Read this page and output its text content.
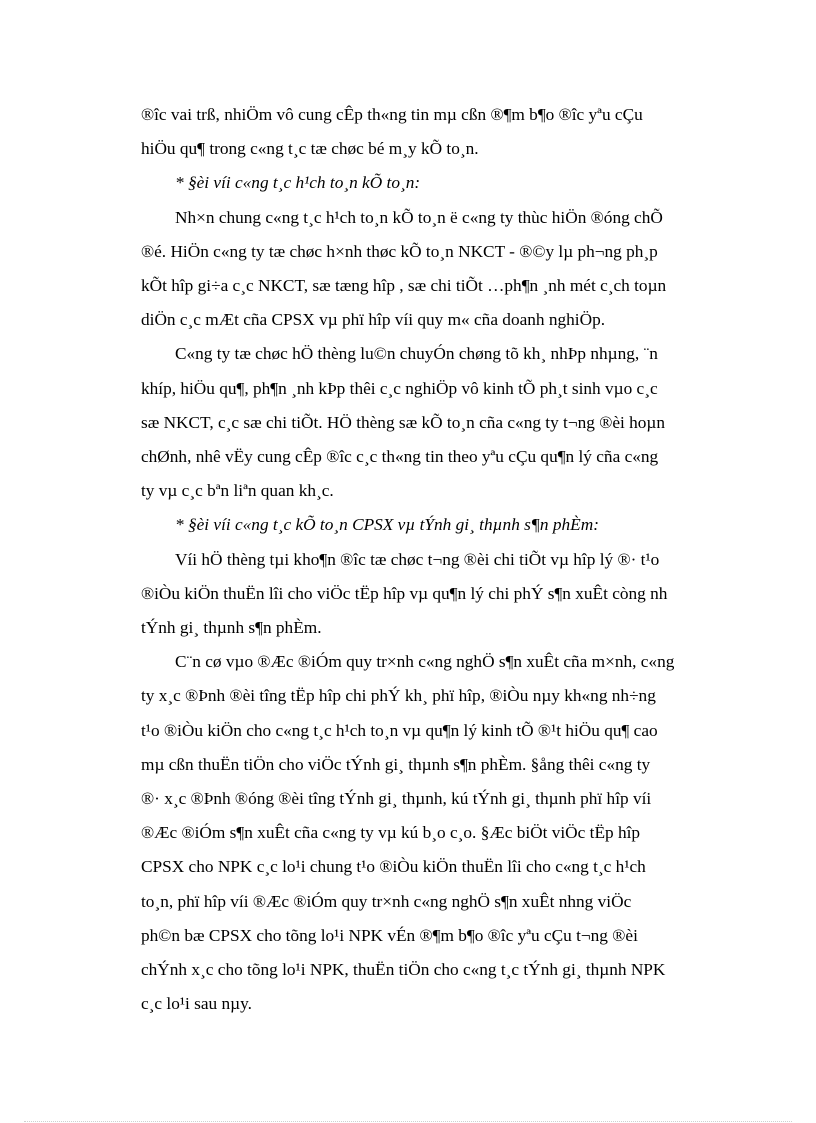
®îc vai trß, nhiÖm vô cung cÊp th«ng tin mµ cßn ®¶m b¶o ®îc yªu cÇu

hiÖu qu¶ trong c«ng t¸c tæ chøc bé m¸y kÕ to¸n.

* §èi víi c«ng t¸c h¹ch to¸n kÕ to¸n:

Nh×n chung c«ng t¸c h¹ch to¸n kÕ to¸n ë c«ng ty thùc hiÖn ®óng chÕ

®é. HiÖn c«ng ty tæ chøc h×nh thøc kÕ to¸n NKCT - ®©y lµ ph¬ng ph¸p

kÕt hîp gi÷a c¸c NKCT, sæ tæng hîp , sæ chi tiÕt …ph¶n ¸nh mét c¸ch toµn

diÖn c¸c mÆt cña CPSX vµ phï hîp víi quy m« cña doanh nghiÖp.

C«ng ty tæ chøc hÖ thèng lu©n chuyÓn chøng tõ kh¸ nhÞp nhµng, ¨n

khíp, hiÖu qu¶, ph¶n ¸nh kÞp thêi c¸c nghiÖp vô kinh tÕ ph¸t sinh vµo c¸c

sæ NKCT, c¸c sæ chi tiÕt. HÖ thèng sæ kÕ to¸n cña c«ng ty t¬ng ®èi hoµn

chØnh, nhê vËy cung cÊp ®îc c¸c th«ng tin theo yªu cÇu qu¶n lý cña c«ng

ty vµ c¸c bªn liªn quan kh¸c.

* §èi víi c«ng t¸c kÕ to¸n CPSX vµ tÝnh gi¸ thµnh s¶n phÈm:

Víi hÖ thèng tµi kho¶n ®îc tæ chøc t¬ng ®èi chi tiÕt vµ hîp lý ®· t¹o

®iÒu kiÖn thuËn lîi cho viÖc tËp hîp vµ qu¶n lý chi phÝ s¶n xuÊt còng nh

tÝnh gi¸ thµnh s¶n phÈm.

C¨n cø vµo ®Æc ®iÓm quy tr×nh c«ng nghÖ s¶n xuÊt cña m×nh, c«ng

ty x¸c ®Þnh ®èi tîng tËp hîp chi phÝ kh¸ phï hîp, ®iÒu nµy kh«ng nh÷ng

t¹o ®iÒu kiÖn cho c«ng t¸c h¹ch to¸n vµ qu¶n lý kinh tÕ ®¹t hiÖu qu¶ cao

mµ cßn thuËn tiÖn cho viÖc tÝnh gi¸ thµnh s¶n phÈm. §ång thêi c«ng ty

®· x¸c ®Þnh ®óng ®èi tîng tÝnh gi¸ thµnh, kú tÝnh gi¸ thµnh phï hîp víi

®Æc ®iÓm s¶n xuÊt cña c«ng ty vµ kú b¸o c¸o. §Æc biÖt viÖc tËp hîp

CPSX cho NPK c¸c lo¹i chung t¹o ®iÒu kiÖn thuËn lîi cho c«ng t¸c h¹ch

to¸n, phï hîp víi ®Æc ®iÓm quy tr×nh c«ng nghÖ s¶n xuÊt nhng viÖc

ph©n bæ CPSX cho tõng lo¹i NPK vÉn ®¶m b¶o ®îc yªu cÇu t¬ng ®èi

chÝnh x¸c cho tõng lo¹i NPK, thuËn tiÖn cho c«ng t¸c tÝnh gi¸ thµnh NPK

c¸c lo¹i sau nµy.
